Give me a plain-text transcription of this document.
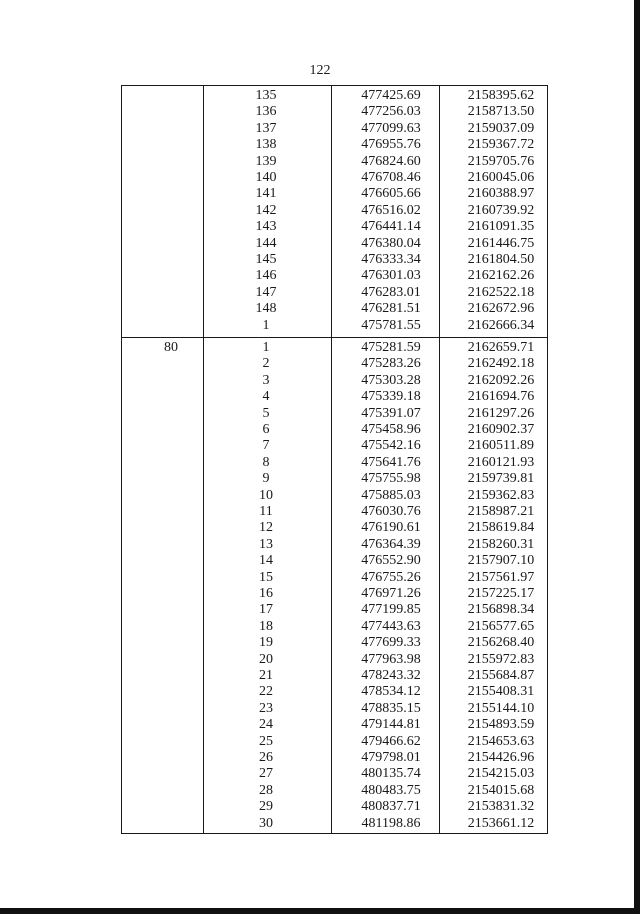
122
135	477425.69	2158395.62
136	477256.03	2158713.50
137	477099.63	2159037.09
138	476955.76	2159367.72
139	476824.60	2159705.76
140	476708.46	2160045.06
141	476605.66	2160388.97
142	476516.02	2160739.92
143	476441.14	2161091.35
144	476380.04	2161446.75
145	476333.34	2161804.50
146	476301.03	2162162.26
147	476283.01	2162522.18
148	476281.51	2162672.96
1	475781.55	2162666.34
80	1	475281.59	2162659.71
2	475283.26	2162492.18
3	475303.28	2162092.26
4	475339.18	2161694.76
5	475391.07	2161297.26
6	475458.96	2160902.37
7	475542.16	2160511.89
8	475641.76	2160121.93
9	475755.98	2159739.81
10	475885.03	2159362.83
11	476030.76	2158987.21
12	476190.61	2158619.84
13	476364.39	2158260.31
14	476552.90	2157907.10
15	476755.26	2157561.97
16	476971.26	2157225.17
17	477199.85	2156898.34
18	477443.63	2156577.65
19	477699.33	2156268.40
20	477963.98	2155972.83
21	478243.32	2155684.87
22	478534.12	2155408.31
23	478835.15	2155144.10
24	479144.81	2154893.59
25	479466.62	2154653.63
26	479798.01	2154426.96
27	480135.74	2154215.03
28	480483.75	2154015.68
29	480837.71	2153831.32
30	481198.86	2153661.12
